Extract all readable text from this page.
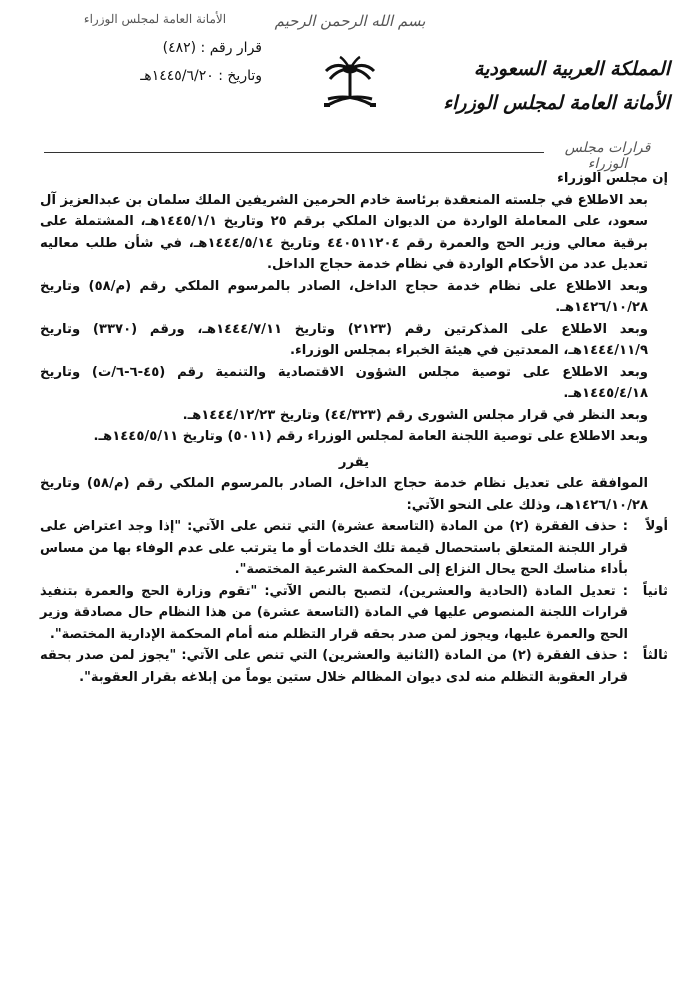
بسم الله الرحمن الرحيم
الأمانة العامة لمجلس الوزراء
قرار رقم : (٤٨٢)
وتاريخ : ١٤٤٥/٦/٢٠هـ	المملكة العربية السعودية
الأمانة العامة لمجلس الوزراء
قرارات مجلس الوزراء

إن مجلس الوزراء

بعد الاطلاع في جلسته المنعقدة برئاسة خادم الحرمين الشريفين الملك سلمان بن عبدالعزيز آل سعود، على المعاملة الواردة من الديوان الملكي برقم ٢٥ وتاريخ ١٤٤٥/١/١هـ، المشتملة على برقية معالي وزير الحج والعمرة رقم ٤٤٠٥١١٢٠٤ وتاريخ ١٤٤٤/٥/١٤هـ، في شأن طلب معاليه تعديل عدد من الأحكام الواردة في نظام خدمة حجاج الداخل.

وبعد الاطلاع على نظام خدمة حجاج الداخل، الصادر بالمرسوم الملكي رقم (م/٥٨) وتاريخ ١٤٢٦/١٠/٢٨هـ.

وبعد الاطلاع على المذكرتين رقم (٢١٢٣) وتاريخ ١٤٤٤/٧/١١هـ، ورقم (٣٣٧٠) وتاريخ ١٤٤٤/١١/٩هـ، المعدتين في هيئة الخبراء بمجلس الوزراء.

وبعد الاطلاع على توصية مجلس الشؤون الاقتصادية والتنمية رقم (٤٥-٦-٦/ت) وتاريخ ١٤٤٥/٤/١٨هـ.

وبعد النظر في قرار مجلس الشورى رقم (٤٤/٣٢٣) وتاريخ ١٤٤٤/١٢/٢٣هـ.

وبعد الاطلاع على توصية اللجنة العامة لمجلس الوزراء رقم (٥٠١١) وتاريخ ١٤٤٥/٥/١١هـ.

يقرر

الموافقة على تعديل نظام خدمة حجاج الداخل، الصادر بالمرسوم الملكي رقم (م/٥٨) وتاريخ ١٤٢٦/١٠/٢٨هـ، وذلك على النحو الآتي:

أولاً
: حذف الفقرة (٢) من المادة (التاسعة عشرة) التي تنص على الآتي: "إذا وجد اعتراض على قرار اللجنة المتعلق باستحصال قيمة تلك الخدمات أو ما يترتب على عدم الوفاء بها من مساس بأداء مناسك الحج يحال النزاع إلى المحكمة الشرعية المختصة".
ثانياً
: تعديل المادة (الحادية والعشرين)، لتصبح بالنص الآتي: "تقوم وزارة الحج والعمرة بتنفيذ قرارات اللجنة المنصوص عليها في المادة (التاسعة عشرة) من هذا النظام حال مصادقة وزير الحج والعمرة عليها، ويجوز لمن صدر بحقه قرار التظلم منه أمام المحكمة الإدارية المختصة".
ثالثاً
: حذف الفقرة (٢) من المادة (الثانية والعشرين) التي تنص على الآتي: "يجوز لمن صدر بحقه قرار العقوبة التظلم منه لدى ديوان المظالم خلال ستين يوماً من إبلاغه بقرار العقوبة".
